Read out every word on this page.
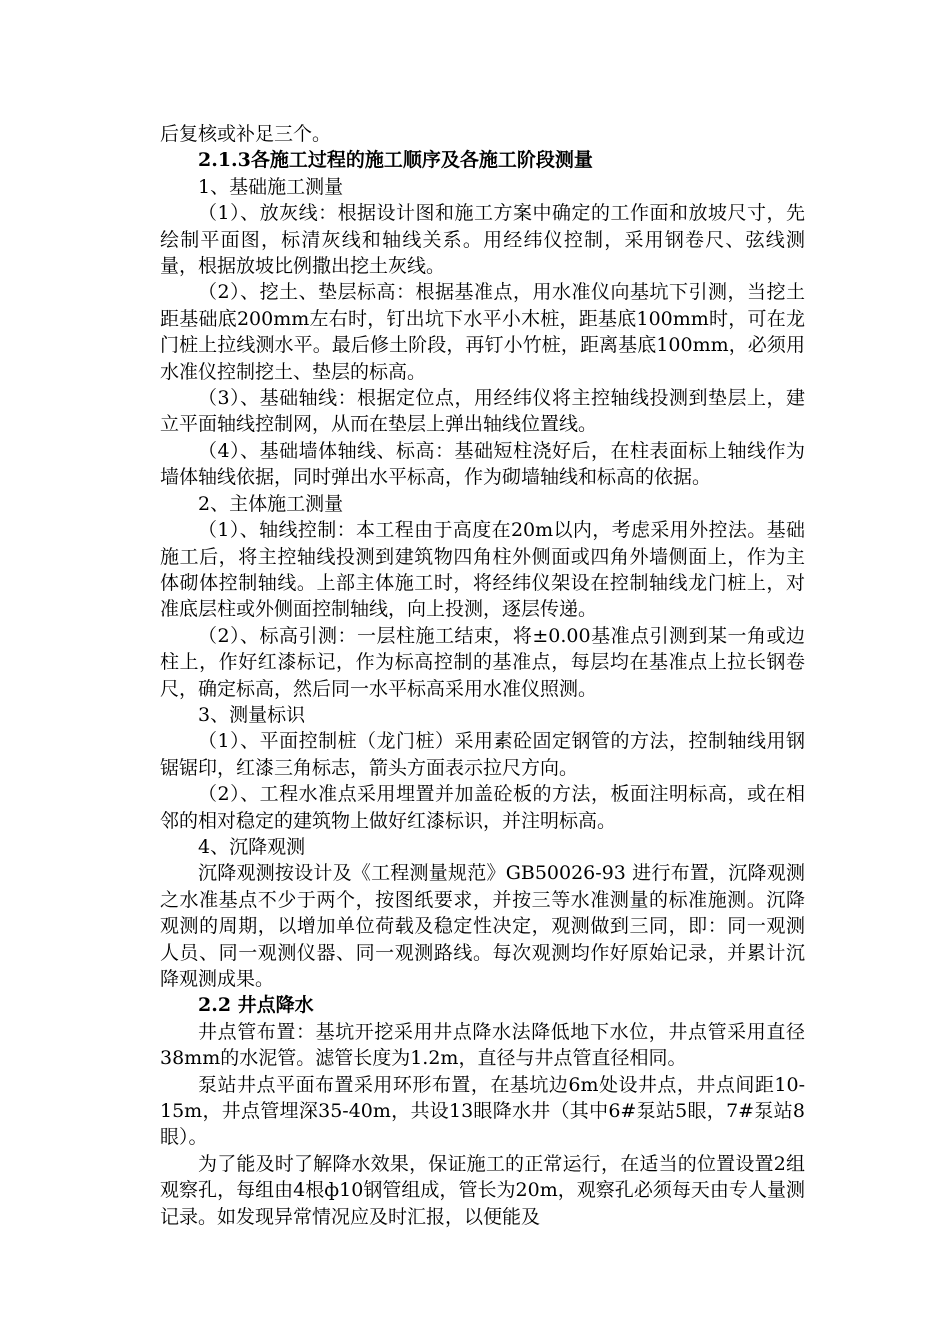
后复核或补足三个。

2.1.3各施工过程的施工顺序及各施工阶段测量

1、基础施工测量

（1）、放灰线：根据设计图和施工方案中确定的工作面和放坡尺寸，先绘制平面图，标清灰线和轴线关系。用经纬仪控制，采用钢卷尺、弦线测量，根据放坡比例撒出挖土灰线。

（2）、挖土、垫层标高：根据基准点，用水准仪向基坑下引测，当挖土距基础底200mm左右时，钉出坑下水平小木桩，距基底100mm时，可在龙门桩上拉线测水平。最后修土阶段，再钉小竹桩，距离基底100mm，必须用水准仪控制挖土、垫层的标高。

（3）、基础轴线：根据定位点，用经纬仪将主控轴线投测到垫层上，建立平面轴线控制网，从而在垫层上弹出轴线位置线。

（4）、基础墙体轴线、标高：基础短柱浇好后，在柱表面标上轴线作为墙体轴线依据，同时弹出水平标高，作为砌墙轴线和标高的依据。

2、主体施工测量

（1）、轴线控制：本工程由于高度在20m以内，考虑采用外控法。基础施工后，将主控轴线投测到建筑物四角柱外侧面或四角外墙侧面上，作为主体砌体控制轴线。上部主体施工时，将经纬仪架设在控制轴线龙门桩上，对准底层柱或外侧面控制轴线，向上投测，逐层传递。

（2）、标高引测：一层柱施工结束，将±0.00基准点引测到某一角或边柱上，作好红漆标记，作为标高控制的基准点，每层均在基准点上拉长钢卷尺，确定标高，然后同一水平标高采用水准仪照测。

3、测量标识

（1）、平面控制桩（龙门桩）采用素砼固定钢管的方法，控制轴线用钢锯锯印，红漆三角标志，箭头方面表示拉尺方向。

（2）、工程水准点采用埋置并加盖砼板的方法，板面注明标高，或在相邻的相对稳定的建筑物上做好红漆标识，并注明标高。

4、沉降观测

沉降观测按设计及《工程测量规范》GB50026-93 进行布置，沉降观测之水准基点不少于两个，按图纸要求，并按三等水准测量的标准施测。沉降观测的周期，以增加单位荷载及稳定性决定，观测做到三同，即：同一观测人员、同一观测仪器、同一观测路线。每次观测均作好原始记录，并累计沉降观测成果。

2.2 井点降水

井点管布置：基坑开挖采用井点降水法降低地下水位，井点管采用直径38mm的水泥管。滤管长度为1.2m，直径与井点管直径相同。

泵站井点平面布置采用环形布置，在基坑边6m处设井点，井点间距10-15m，井点管埋深35-40m，共设13眼降水井（其中6#泵站5眼，7#泵站8眼）。

为了能及时了解降水效果，保证施工的正常运行，在适当的位置设置2组观察孔，每组由4根ф10钢管组成，管长为20m，观察孔必须每天由专人量测记录。如发现异常情况应及时汇报，以便能及
